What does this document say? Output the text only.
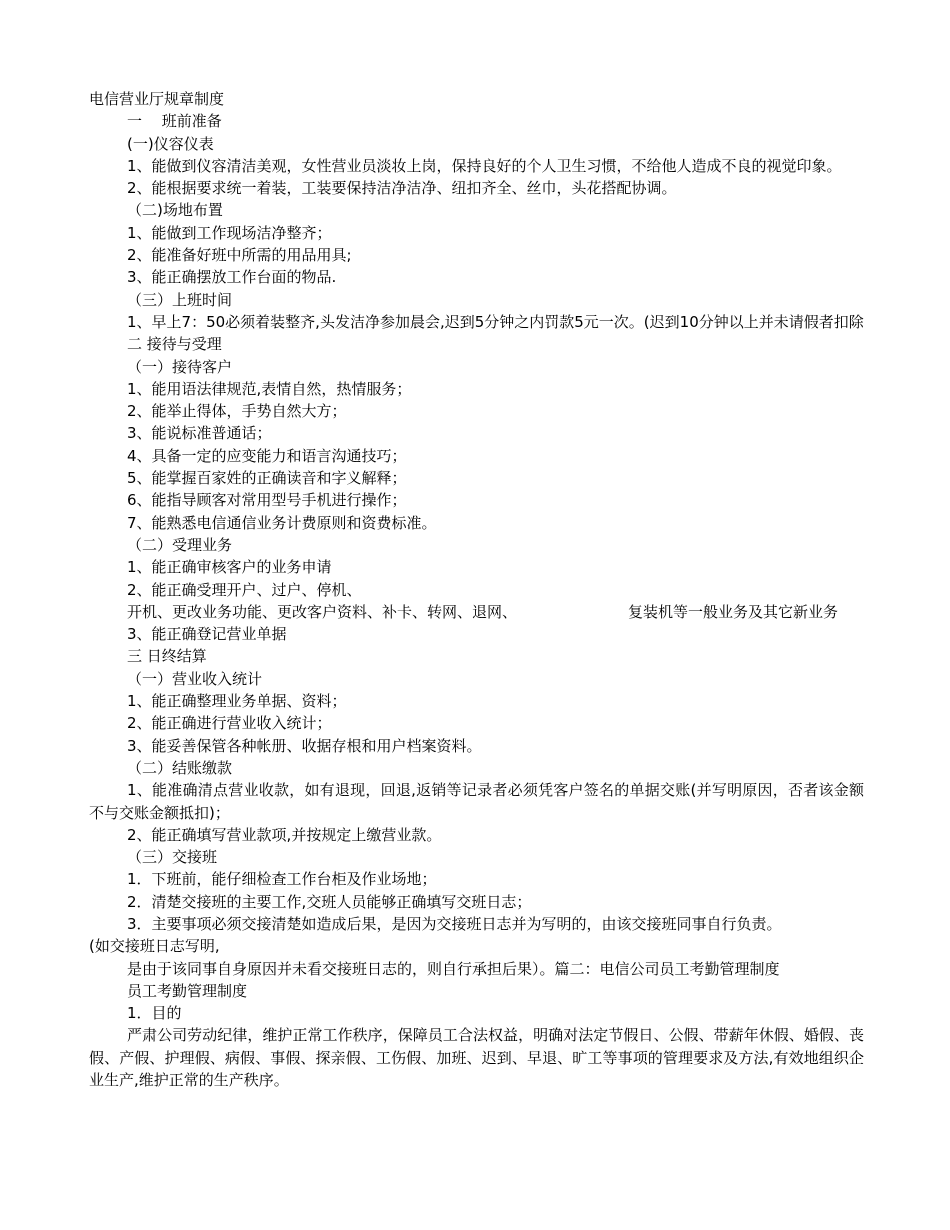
电信营业厅规章制度
一　 班前准备
(一)仪容仪表
1、能做到仪容清洁美观，女性营业员淡妆上岗，保持良好的个人卫生习惯，不给他人造成不良的视觉印象。
2、能根据要求统一着装，工装要保持洁净洁净、纽扣齐全、丝巾，头花搭配协调。
（二)场地布置
1、能做到工作现场洁净整齐；
2、能准备好班中所需的用品用具;
3、能正确摆放工作台面的物品.
（三）上班时间
1、早上7：50必须着装整齐,头发洁净参加晨会,迟到5分钟之内罚款5元一次。(迟到10分钟以上并未请假者扣除
二 接待与受理
（一）接待客户
1、能用语法律规范,表情自然，热情服务；
2、能举止得体，手势自然大方；
3、能说标准普通话；
4、具备一定的应变能力和语言沟通技巧；
5、能掌握百家姓的正确读音和字义解释；
6、能指导顾客对常用型号手机进行操作；
7、能熟悉电信通信业务计费原则和资费标准。
（二）受理业务
1、能正确审核客户的业务申请
2、能正确受理开户、过户、停机、
开机、更改业务功能、更改客户资料、补卡、转网、退网、	复装机等一般业务及其它新业务
3、能正确登记营业单据
三 日终结算
（一）营业收入统计
1、能正确整理业务单据、资料；
2、能正确进行营业收入统计；
3、能妥善保管各种帐册、收据存根和用户档案资料。
（二）结账缴款
1、能准确清点营业收款，如有退现，回退,返销等记录者必须凭客户签名的单据交账(并写明原因，否者该金额不与交账金额抵扣)；
2、能正确填写营业款项,并按规定上缴营业款。
（三）交接班
1．下班前，能仔细检查工作台柜及作业场地；
2．清楚交接班的主要工作,交班人员能够正确填写交班日志；
3．主要事项必须交接清楚如造成后果，是因为交接班日志并为写明的，由该交接班同事自行负责。
(如交接班日志写明,
是由于该同事自身原因并未看交接班日志的，则自行承担后果）。篇二：电信公司员工考勤管理制度
员工考勤管理制度
1．目的
严肃公司劳动纪律，维护正常工作秩序，保障员工合法权益，明确对法定节假日、公假、带薪年休假、婚假、丧假、产假、护理假、病假、事假、探亲假、工伤假、加班、迟到、早退、旷工等事项的管理要求及方法,有效地组织企业生产,维护正常的生产秩序。
